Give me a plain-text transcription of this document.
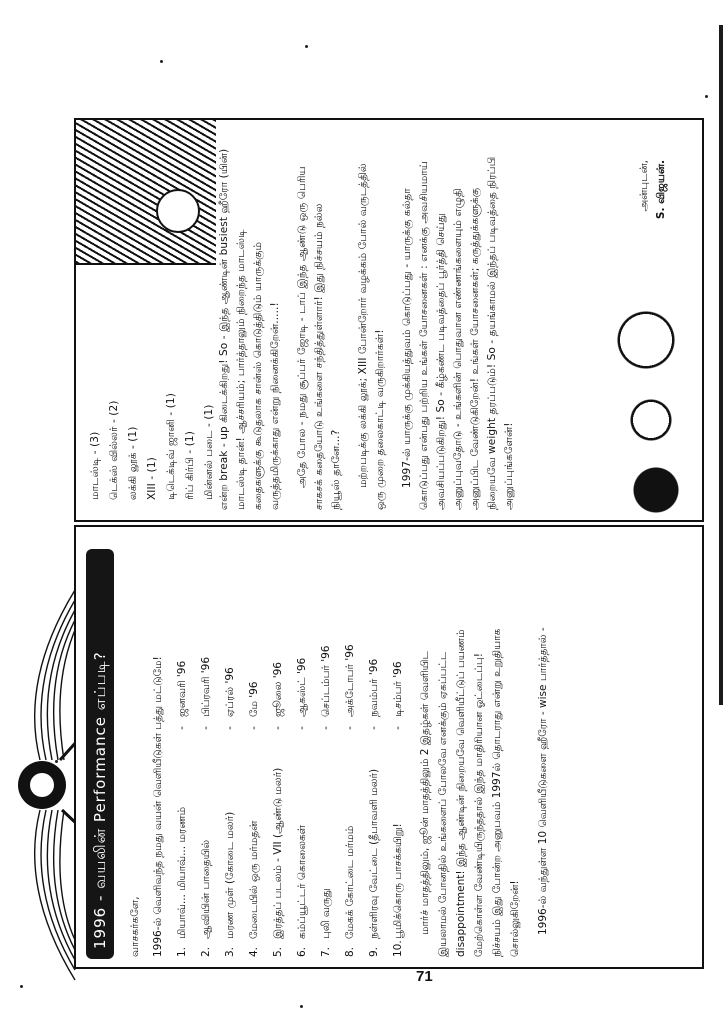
மாடஸ்டி - (3) டெக்ஸ் வில்லர் - (2) லக்கி லூக் - (1) XIII - (1) டிடெக்டிவ் ஜானி - (1) ரிப் கிர்பி - (1) மின்னல் படை - (1) என்ற break - up கிடைக்கிறது! So - இந்த ஆண்டின் busiest ஹீரோ (யின்) மாடஸ்டி தான்! ஆச்சரியம்; பார்த்தாலும் நிறைந்த மாடஸ்டி கதைகளுக்கு கூடுதலாக சான்ஸ் கொடுத்திடும் யாருக்கும் வருத்தமிருக்காது என்று நினைக்கிறேன்.....! அதே போல - நமது சூப்பர் ஜோடி - டாப் இந்த ஆண்டு ஒரு பெரிய சாகசக் கதையோடு உங்களை சந்தித்துள்ளார்! இது நிச்சயம் நல்ல நியூஸ் தானே...? மற்றபடிக்கு லக்கி லூக்; XIII போன்றோர் வழக்கம் போல் வருடத்தில் ஒரு முறை தலைகாட்டி வருகிறார்கள்! 1997-ல் யாருக்கு முக்கியத்துவம் கொடுப்பது - யாருக்கு கல்தா கொடுப்பது என்பது பற்றிய உங்கள் யோசனைகள் : எனக்கு அவசியமாய் அவசியப்படுகிறது! So - கீழ்கண்ட படிவத்தைப் பூர்த்தி செய்து அனுப்புவதோடு - உங்களின் பொதுவான எண்ணங்களையும் எழுதி அனுப்பிட வேண்டுகிறேன்! உங்கள் யோசனைகள்; கருத்துக்களுக்கு நிறையவே weight தரப்படும்! So - தயங்காமல் இந்தப் படிவத்தை நிரப்பி அனுப்புங்களேன்!
அன்புடன், S. விஜயன்.
1996 - வயலின் Performance எப்படி?	வாசகர்களே,	1996-ல் வெளிவந்த நமது வயன் வெளியீடுகள் பத்து மட்டுமே!	1.
மியாவ்... மியாவ்... மரணம்
-
ஜனவரி '96
2.
ஆவியின் பாதையில்
-
பிப்ரவரி '96
3.
மரண முள் (கோடை மலர்)
-
ஏப்ரல் '96
4.
மேடையில் ஒரு மர்மதன்
-
மே '96
5.
இரத்தப் படலம் - VII (ஆண்டு மலர்)
-
ஜூலை '96
6.
கம்ப்யூட்டர் கொலைகள்
-
ஆகஸ்ட் '96
7.
புலி வருது
-
செப்டம்பர் '96
8.
மேகக் கோட்டை மர்மம்
-
அக்டோபர் '96
9.
நள்ளிரவு வேட்டை (தீபாவளி மலர்)
-
நவம்பர் '96
10.
பூமிக்கொரு பாசக்கயிறு!
-
டிசம்பர் '96	மார்ச் மாதத்திலும், ஜூன் மாதத்திலும் 2 இதழ்கள் வெளியிட இயலாமல் போனதில் உங்களைப் போலவே எனக்கும் ஏகப்பட்ட disappointment! இந்த ஆண்டின் நிறையவே வெளியீட்டுப் பயணம் மேற்கொள்ள வேண்டியிருந்ததால் இந்த மாதிரியான ஓட்டைப்பு! நிச்சயம் இது போன்ற அனுபவம் 1997ல் தொடராது என்று உறுதியாக சொல்லுகிறேன்! 1996-ல் வந்துள்ள 10 வெளியீடுகளை ஹீரோ - wise பார்த்தால் -
71
